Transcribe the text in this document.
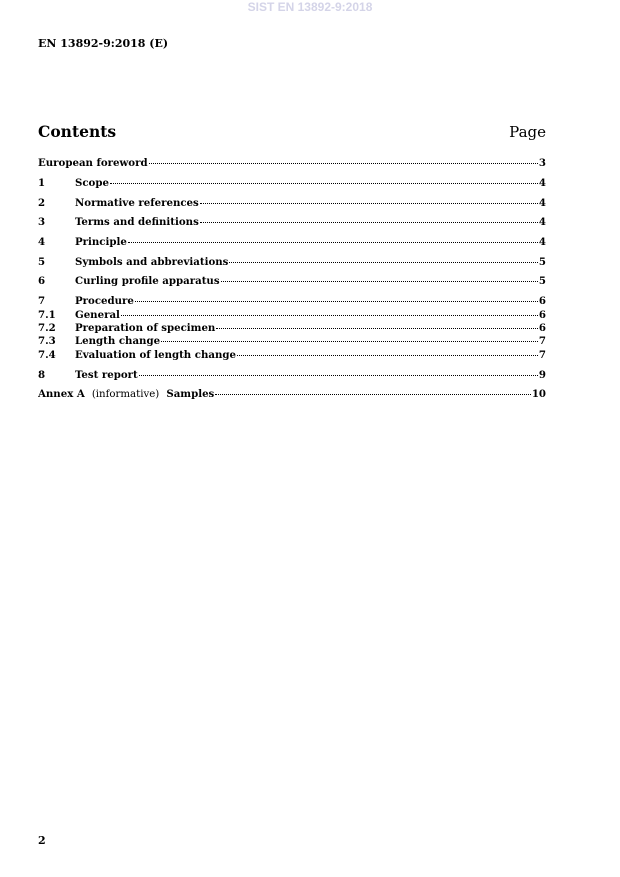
SIST EN 13892-9:2018
EN 13892-9:2018 (E)
Contents	Page
European foreword	3
1	Scope	4
2	Normative references	4
3	Terms and definitions	4
4	Principle	4
5	Symbols and abbreviations	5
6	Curling profile apparatus	5
7	Procedure	6
7.1	General	6
7.2	Preparation of specimen	6
7.3	Length change	7
7.4	Evaluation of length change	7
8	Test report	9
Annex A (informative) Samples	10
2
